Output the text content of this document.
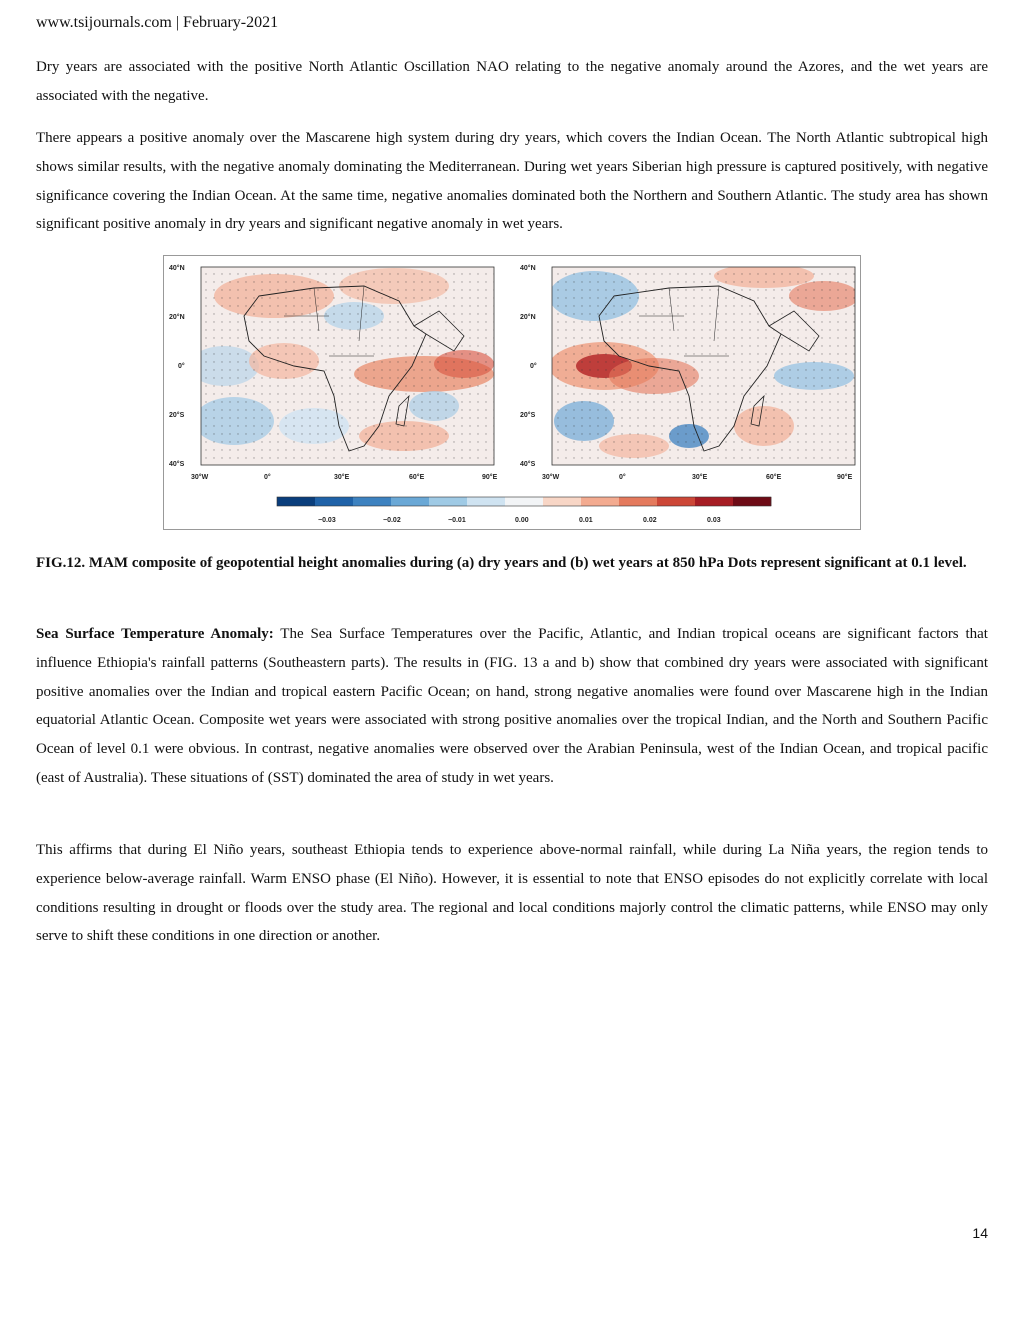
www.tsijournals.com | February-2021

Dry years are associated with the positive North Atlantic Oscillation NAO relating to the negative anomaly around the Azores, and the wet years are associated with the negative.

There appears a positive anomaly over the Mascarene high system during dry years, which covers the Indian Ocean. The North Atlantic subtropical high shows similar results, with the negative anomaly dominating the Mediterranean. During wet years Siberian high pressure is captured positively, with negative significance covering the Indian Ocean. At the same time, negative anomalies dominated both the Northern and Southern Atlantic. The study area has shown significant positive anomaly in dry years and significant negative anomaly in wet years.

40°N
20°N
0°
20°S
40°S
40°N
20°N
0°
20°S
40°S
30°W	0°	30°E	60°E	90°E	30°W	0°	30°E	60°E	90°E
−0.03	−0.02	−0.01	0.00	0.01	0.02	0.03

FIG.12. MAM composite of geopotential height anomalies during (a) dry years and (b) wet years at 850 hPa Dots represent significant at 0.1 level.

Sea Surface Temperature Anomaly: The Sea Surface Temperatures over the Pacific, Atlantic, and Indian tropical oceans are significant factors that influence Ethiopia's rainfall patterns (Southeastern parts). The results in (FIG. 13 a and b) show that combined dry years were associated with significant positive anomalies over the Indian and tropical eastern Pacific Ocean; on hand, strong negative anomalies were found over Mascarene high in the Indian equatorial Atlantic Ocean. Composite wet years were associated with strong positive anomalies over the tropical Indian, and the North and Southern Pacific Ocean of level 0.1 were obvious. In contrast, negative anomalies were observed over the Arabian Peninsula, west of the Indian Ocean, and tropical pacific (east of Australia). These situations of (SST) dominated the area of study in wet years.

This affirms that during El Niño years, southeast Ethiopia tends to experience above-normal rainfall, while during La Niña years, the region tends to experience below-average rainfall. Warm ENSO phase (El Niño). However, it is essential to note that ENSO episodes do not explicitly correlate with local conditions resulting in drought or floods over the study area. The regional and local conditions majorly control the climatic patterns, while ENSO may only serve to shift these conditions in one direction or another.

14
